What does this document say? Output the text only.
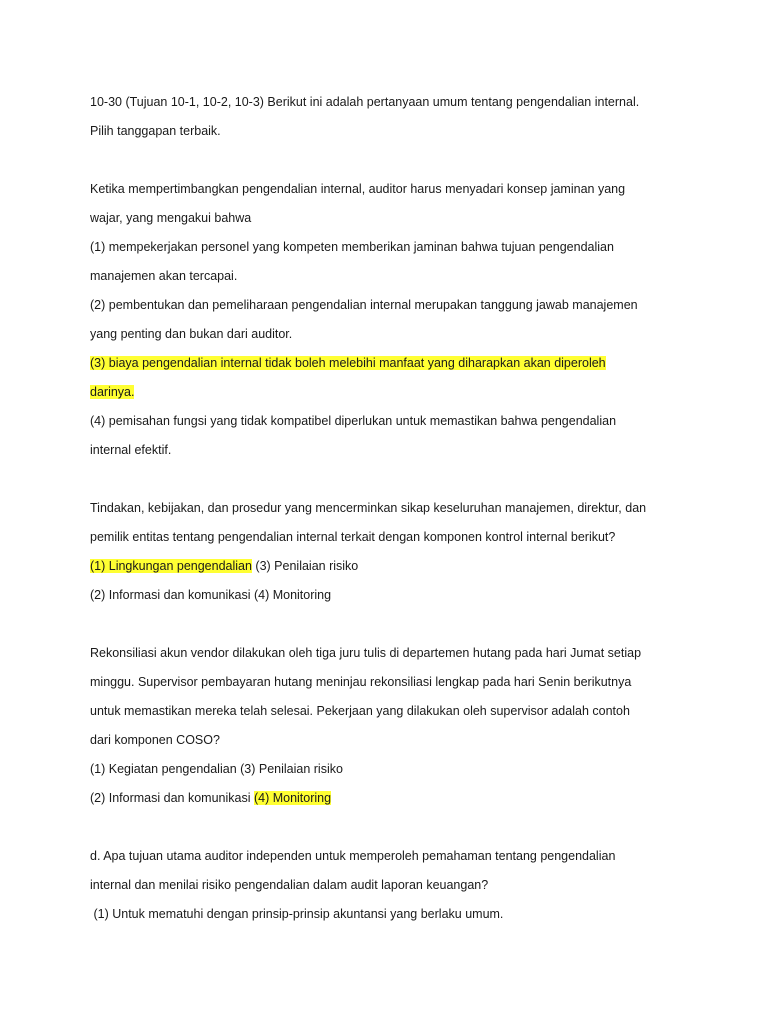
10-30 (Tujuan 10-1, 10-2, 10-3) Berikut ini adalah pertanyaan umum tentang pengendalian internal.
Pilih tanggapan terbaik.
Ketika mempertimbangkan pengendalian internal, auditor harus menyadari konsep jaminan yang
wajar, yang mengakui bahwa
(1) mempekerjakan personel yang kompeten memberikan jaminan bahwa tujuan pengendalian
manajemen akan tercapai.
(2) pembentukan dan pemeliharaan pengendalian internal merupakan tanggung jawab manajemen
yang penting dan bukan dari auditor.
(3) biaya pengendalian internal tidak boleh melebihi manfaat yang diharapkan akan diperoleh
darinya.
(4) pemisahan fungsi yang tidak kompatibel diperlukan untuk memastikan bahwa pengendalian
internal efektif.
Tindakan, kebijakan, dan prosedur yang mencerminkan sikap keseluruhan manajemen, direktur, dan
pemilik entitas tentang pengendalian internal terkait dengan komponen kontrol internal berikut?
(1) Lingkungan pengendalian (3) Penilaian risiko
(2) Informasi dan komunikasi (4) Monitoring
Rekonsiliasi akun vendor dilakukan oleh tiga juru tulis di departemen hutang pada hari Jumat setiap
minggu. Supervisor pembayaran hutang meninjau rekonsiliasi lengkap pada hari Senin berikutnya
untuk memastikan mereka telah selesai. Pekerjaan yang dilakukan oleh supervisor adalah contoh
dari komponen COSO?
(1) Kegiatan pengendalian (3) Penilaian risiko
(2) Informasi dan komunikasi (4) Monitoring
d. Apa tujuan utama auditor independen untuk memperoleh pemahaman tentang pengendalian
internal dan menilai risiko pengendalian dalam audit laporan keuangan?
(1) Untuk mematuhi dengan prinsip-prinsip akuntansi yang berlaku umum.
